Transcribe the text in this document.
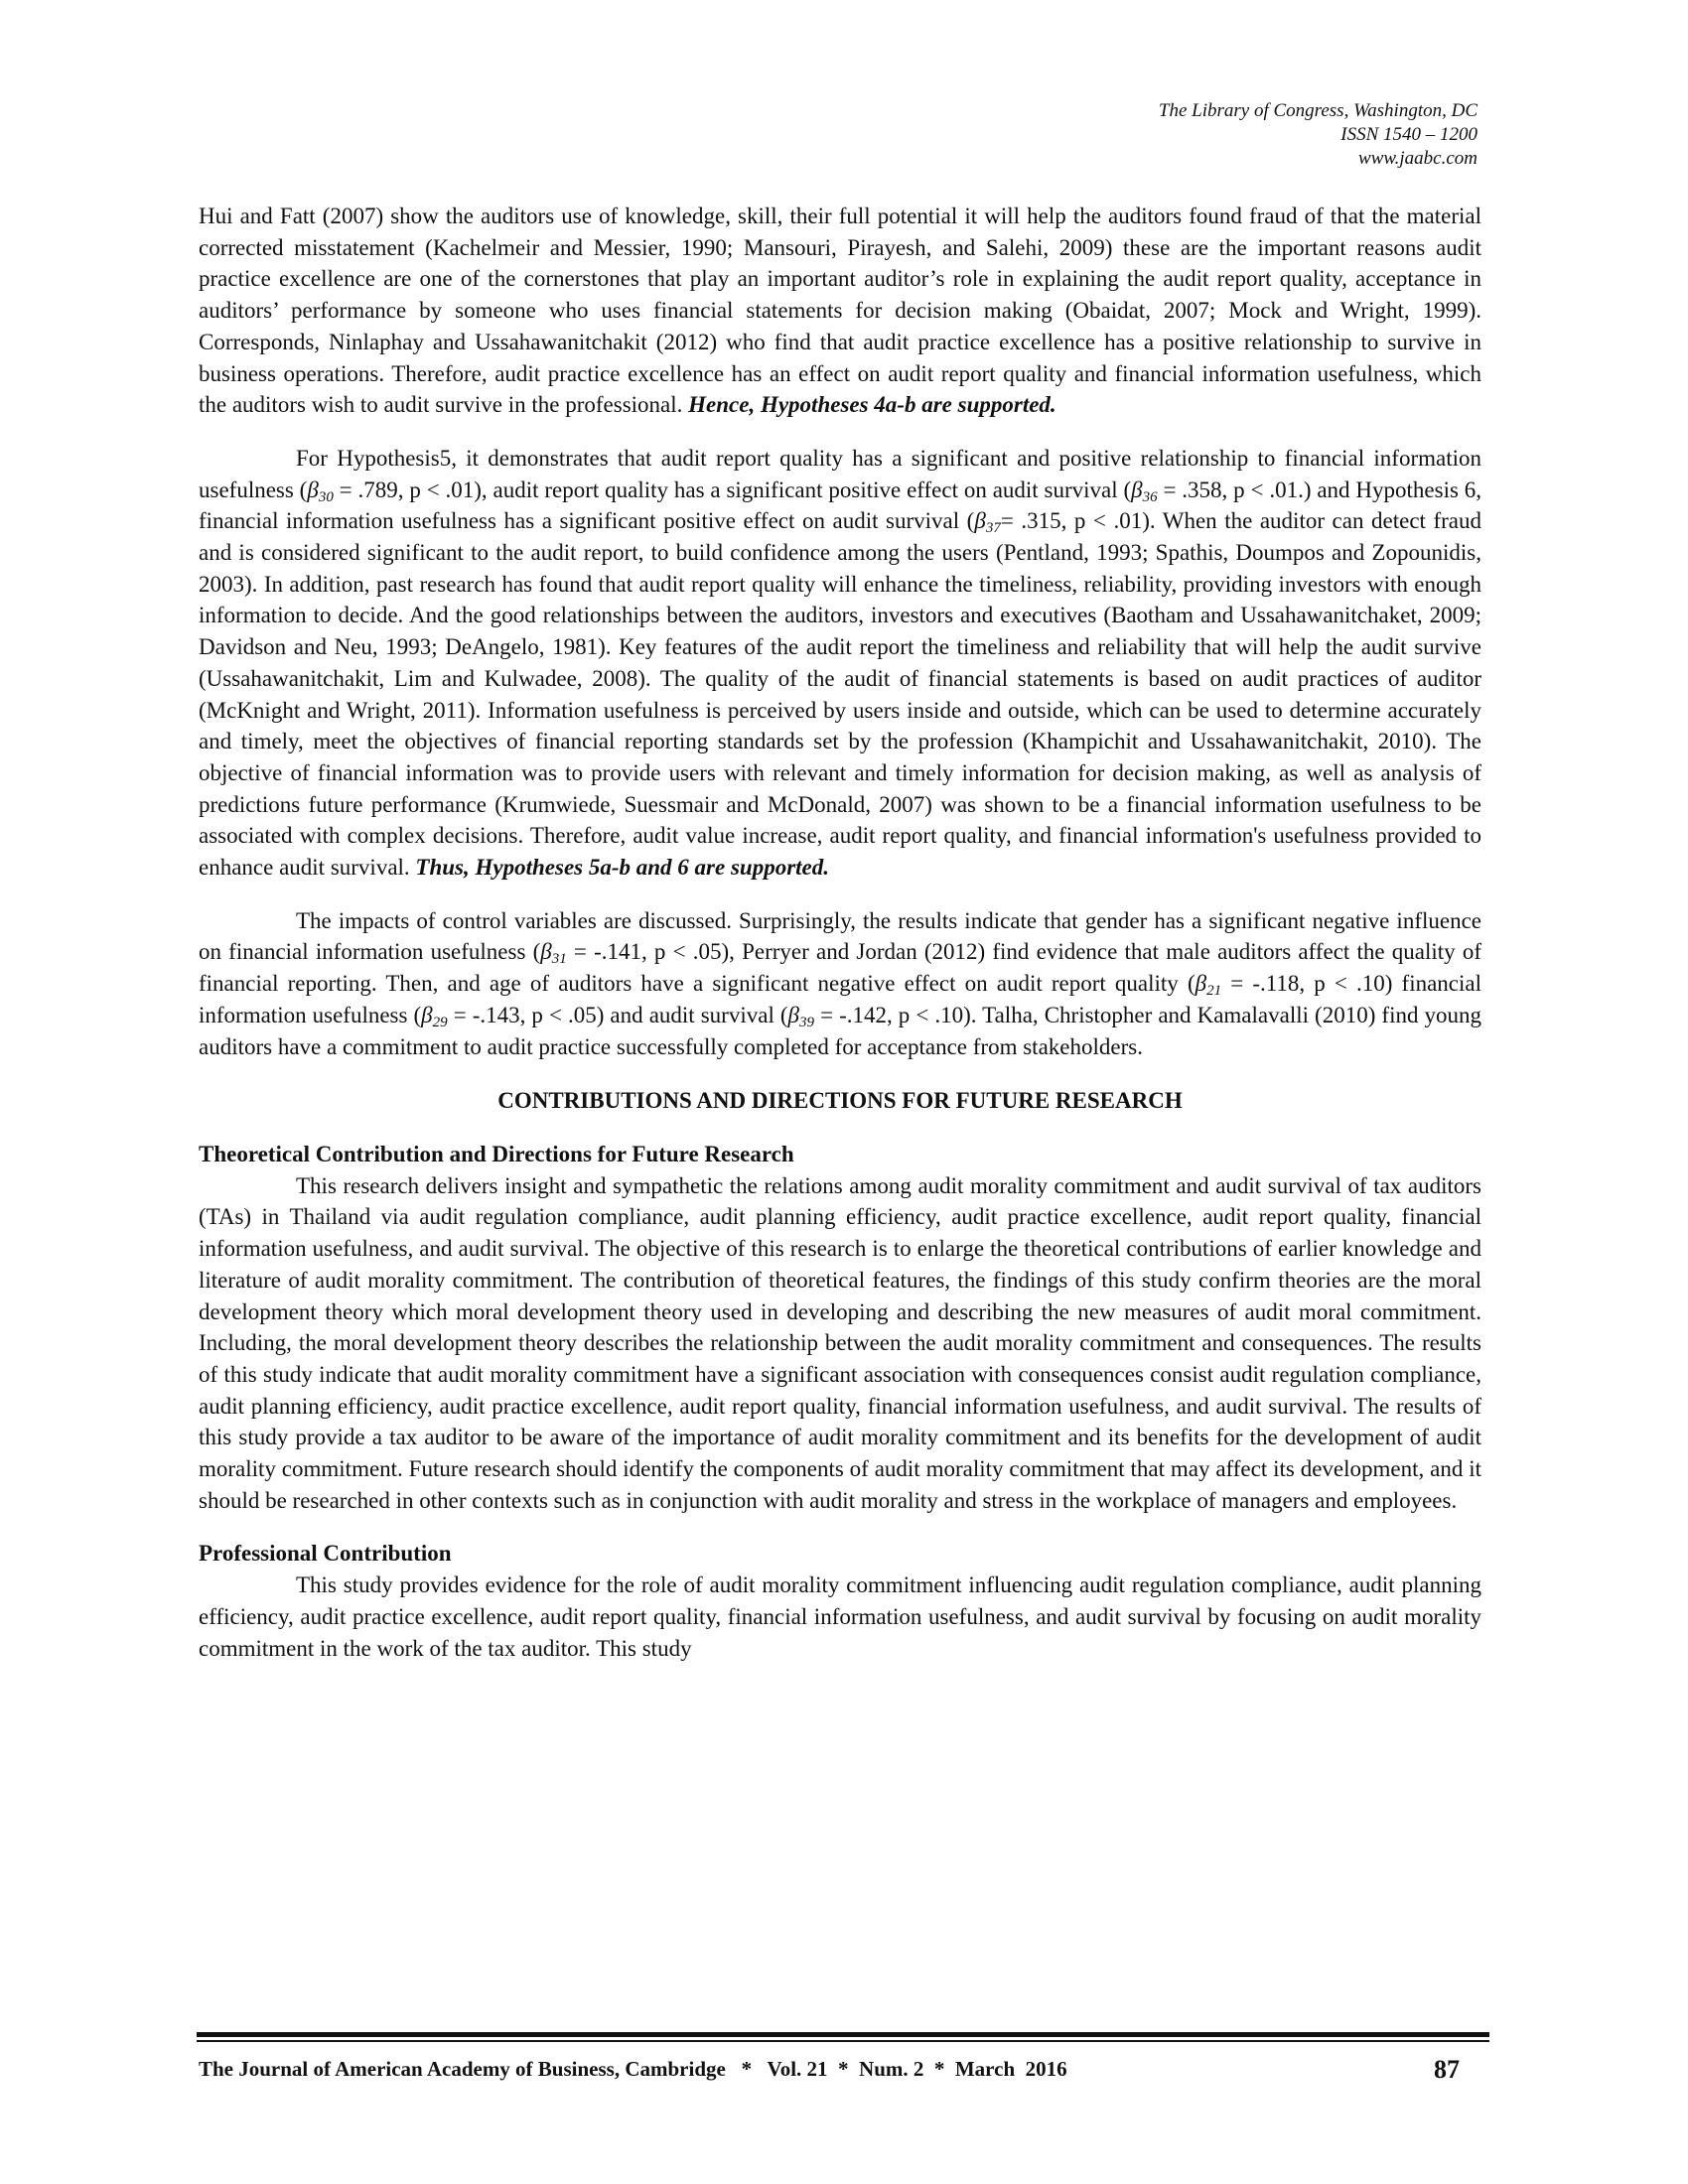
The Library of Congress, Washington, DC
ISSN 1540 – 1200
www.jaabc.com

Hui and Fatt (2007) show the auditors use of knowledge, skill, their full potential it will help the auditors found fraud of that the material corrected misstatement (Kachelmeir and Messier, 1990; Mansouri, Pirayesh, and Salehi, 2009) these are the important reasons audit practice excellence are one of the cornerstones that play an important auditor’s role in explaining the audit report quality, acceptance in auditors’ performance by someone who uses financial statements for decision making (Obaidat, 2007; Mock and Wright, 1999). Corresponds, Ninlaphay and Ussahawanitchakit (2012) who find that audit practice excellence has a positive relationship to survive in business operations. Therefore, audit practice excellence has an effect on audit report quality and financial information usefulness, which the auditors wish to audit survive in the professional. Hence, Hypotheses 4a-b are supported.

For Hypothesis5, it demonstrates that audit report quality has a significant and positive relationship to financial information usefulness ($\beta_{30} = .789$, p < .01), audit report quality has a significant positive effect on audit survival ($\beta_{36} = .358$, p < .01.) and Hypothesis 6, financial information usefulness has a significant positive effect on audit survival ($\beta_{37}= .315$, p < .01). When the auditor can detect fraud and is considered significant to the audit report, to build confidence among the users (Pentland, 1993; Spathis, Doumpos and Zopounidis, 2003). In addition, past research has found that audit report quality will enhance the timeliness, reliability, providing investors with enough information to decide. And the good relationships between the auditors, investors and executives (Baotham and Ussahawanitchaket, 2009; Davidson and Neu, 1993; DeAngelo, 1981). Key features of the audit report the timeliness and reliability that will help the audit survive (Ussahawanitchakit, Lim and Kulwadee, 2008). The quality of the audit of financial statements is based on audit practices of auditor (McKnight and Wright, 2011). Information usefulness is perceived by users inside and outside, which can be used to determine accurately and timely, meet the objectives of financial reporting standards set by the profession (Khampichit and Ussahawanitchakit, 2010). The objective of financial information was to provide users with relevant and timely information for decision making, as well as analysis of predictions future performance (Krumwiede, Suessmair and McDonald, 2007) was shown to be a financial information usefulness to be associated with complex decisions. Therefore, audit value increase, audit report quality, and financial information's usefulness provided to enhance audit survival. Thus, Hypotheses 5a-b and 6 are supported.

The impacts of control variables are discussed. Surprisingly, the results indicate that gender has a significant negative influence on financial information usefulness ($\beta_{31} = -.141$, p < .05), Perryer and Jordan (2012) find evidence that male auditors affect the quality of financial reporting. Then, and age of auditors have a significant negative effect on audit report quality ($\beta_{21} = -.118$, p < .10) financial information usefulness ($\beta_{29} = -.143$, p < .05) and audit survival ($\beta_{39} = -.142$, p < .10). Talha, Christopher and Kamalavalli (2010) find young auditors have a commitment to audit practice successfully completed for acceptance from stakeholders.

CONTRIBUTIONS AND DIRECTIONS FOR FUTURE RESEARCH

Theoretical Contribution and Directions for Future Research

This research delivers insight and sympathetic the relations among audit morality commitment and audit survival of tax auditors (TAs) in Thailand via audit regulation compliance, audit planning efficiency, audit practice excellence, audit report quality, financial information usefulness, and audit survival. The objective of this research is to enlarge the theoretical contributions of earlier knowledge and literature of audit morality commitment. The contribution of theoretical features, the findings of this study confirm theories are the moral development theory which moral development theory used in developing and describing the new measures of audit moral commitment. Including, the moral development theory describes the relationship between the audit morality commitment and consequences. The results of this study indicate that audit morality commitment have a significant association with consequences consist audit regulation compliance, audit planning efficiency, audit practice excellence, audit report quality, financial information usefulness, and audit survival. The results of this study provide a tax auditor to be aware of the importance of audit morality commitment and its benefits for the development of audit morality commitment. Future research should identify the components of audit morality commitment that may affect its development, and it should be researched in other contexts such as in conjunction with audit morality and stress in the workplace of managers and employees.

Professional Contribution

This study provides evidence for the role of audit morality commitment influencing audit regulation compliance, audit planning efficiency, audit practice excellence, audit report quality, financial information usefulness, and audit survival by focusing on audit morality commitment in the work of the tax auditor. This study

The Journal of American Academy of Business, Cambridge   *   Vol. 21  *  Num. 2  *  March  2016	87
